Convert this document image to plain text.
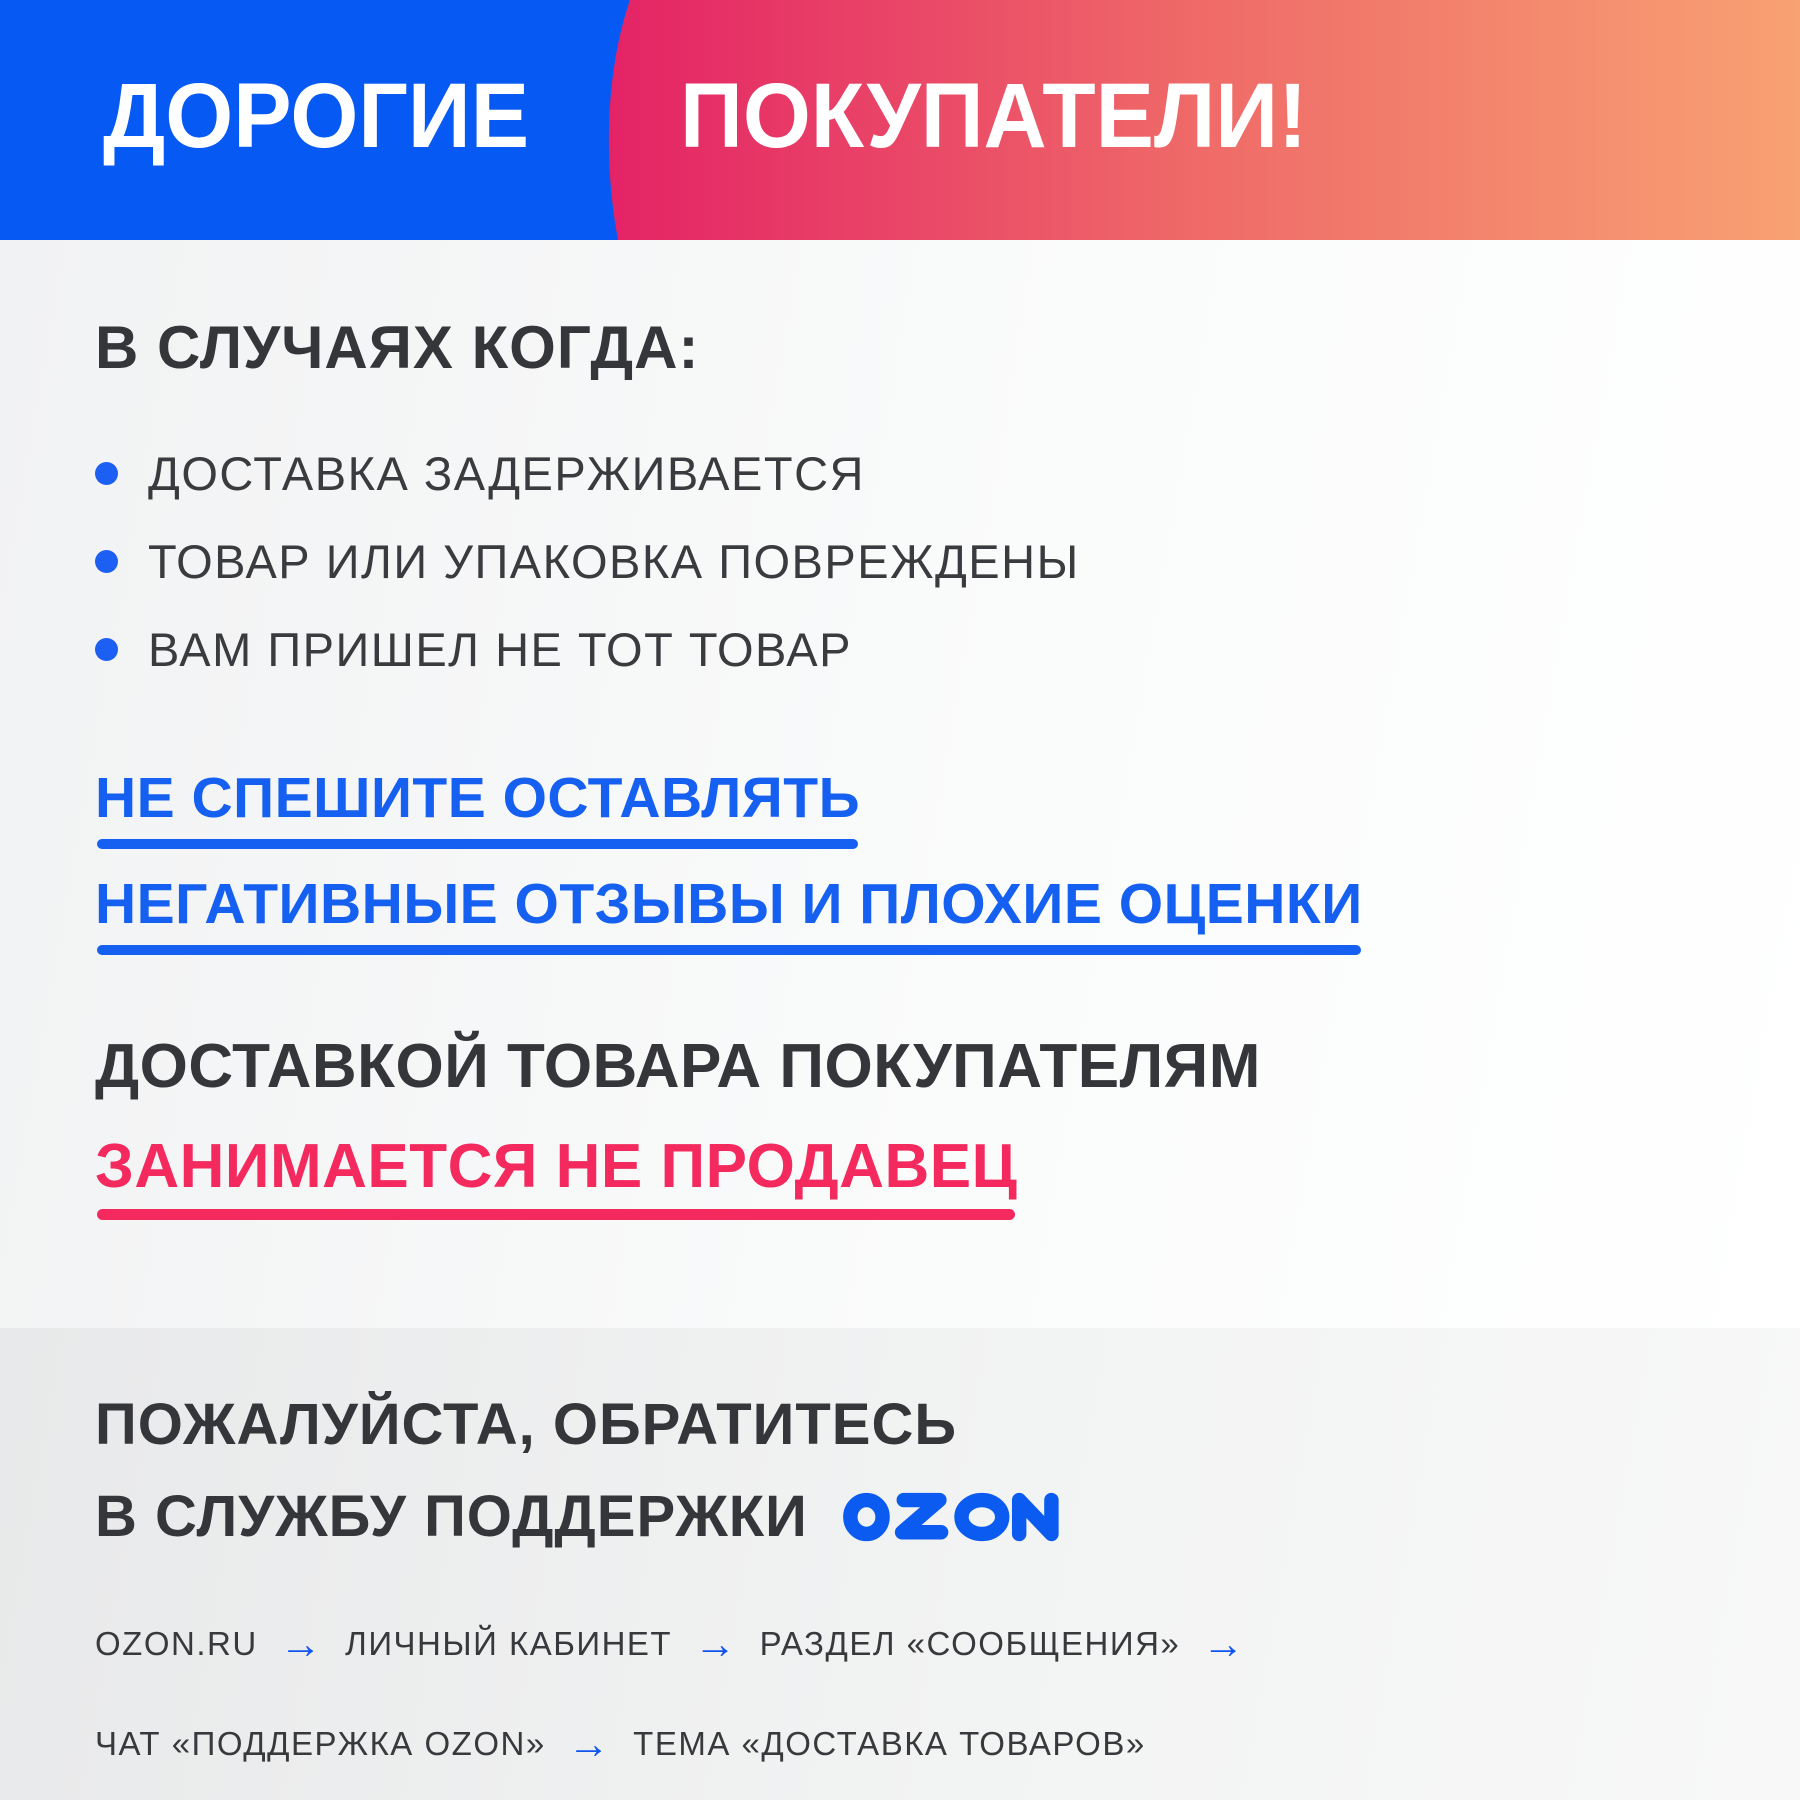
ДОРОГИЕ ПОКУПАТЕЛИ!
В СЛУЧАЯХ КОГДА:
ДОСТАВКА ЗАДЕРЖИВАЕТСЯ
ТОВАР ИЛИ УПАКОВКА ПОВРЕЖДЕНЫ
ВАМ ПРИШЕЛ НЕ ТОТ ТОВАР
НЕ СПЕШИТЕ ОСТАВЛЯТЬ
НЕГАТИВНЫЕ ОТЗЫВЫ И ПЛОХИЕ ОЦЕНКИ
ДОСТАВКОЙ ТОВАРА ПОКУПАТЕЛЯМ
ЗАНИМАЕТСЯ НЕ ПРОДАВЕЦ
ПОЖАЛУЙСТА, ОБРАТИТЕСЬ
В СЛУЖБУ ПОДДЕРЖКИ
OZON.RU → ЛИЧНЫЙ КАБИНЕТ → РАЗДЕЛ «СООБЩЕНИЯ» →
ЧАТ «ПОДДЕРЖКА OZON» → ТЕМА «ДОСТАВКА ТОВАРОВ»
